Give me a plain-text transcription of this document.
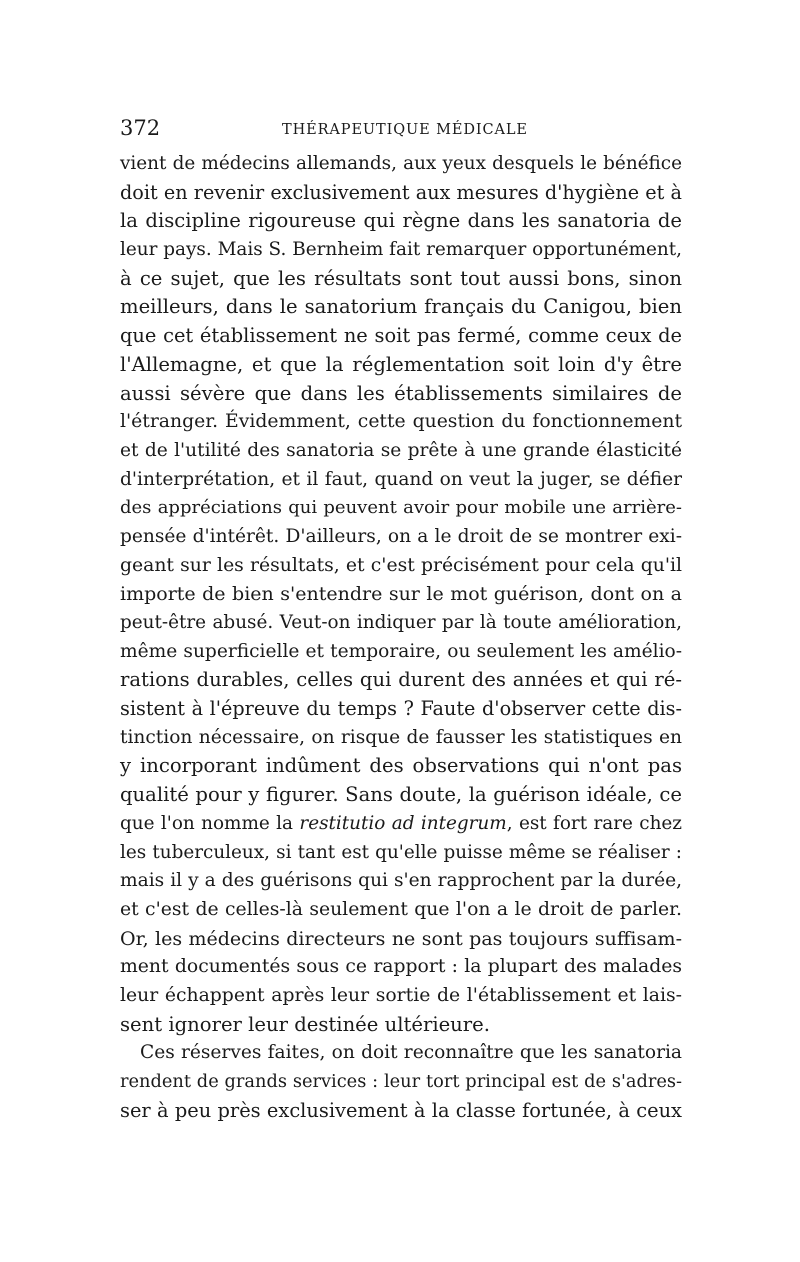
372	THÉRAPEUTIQUE MÉDICALE
vient de médecins allemands, aux yeux desquels le bénéfice
doit en revenir exclusivement aux mesures d'hygiène et à
la discipline rigoureuse qui règne dans les sanatoria de
leur pays. Mais S. Bernheim fait remarquer opportunément,
à ce sujet, que les résultats sont tout aussi bons, sinon
meilleurs, dans le sanatorium français du Canigou, bien
que cet établissement ne soit pas fermé, comme ceux de
l'Allemagne, et que la réglementation soit loin d'y être
aussi sévère que dans les établissements similaires de
l'étranger. Évidemment, cette question du fonctionnement
et de l'utilité des sanatoria se prête à une grande élasticité
d'interprétation, et il faut, quand on veut la juger, se défier
des appréciations qui peuvent avoir pour mobile une arrière-
pensée d'intérêt. D'ailleurs, on a le droit de se montrer exi-
geant sur les résultats, et c'est précisément pour cela qu'il
importe de bien s'entendre sur le mot guérison, dont on a
peut-être abusé. Veut-on indiquer par là toute amélioration,
même superficielle et temporaire, ou seulement les amélio-
rations durables, celles qui durent des années et qui ré-
sistent à l'épreuve du temps ? Faute d'observer cette dis-
tinction nécessaire, on risque de fausser les statistiques en
y incorporant indûment des observations qui n'ont pas
qualité pour y figurer. Sans doute, la guérison idéale, ce
que l'on nomme la restitutio ad integrum, est fort rare chez
les tuberculeux, si tant est qu'elle puisse même se réaliser :
mais il y a des guérisons qui s'en rapprochent par la durée,
et c'est de celles-là seulement que l'on a le droit de parler.
Or, les médecins directeurs ne sont pas toujours suffisam-
ment documentés sous ce rapport : la plupart des malades
leur échappent après leur sortie de l'établissement et lais-
sent ignorer leur destinée ultérieure.
Ces réserves faites, on doit reconnaître que les sanatoria
rendent de grands services : leur tort principal est de s'adres-
ser à peu près exclusivement à la classe fortunée, à ceux
